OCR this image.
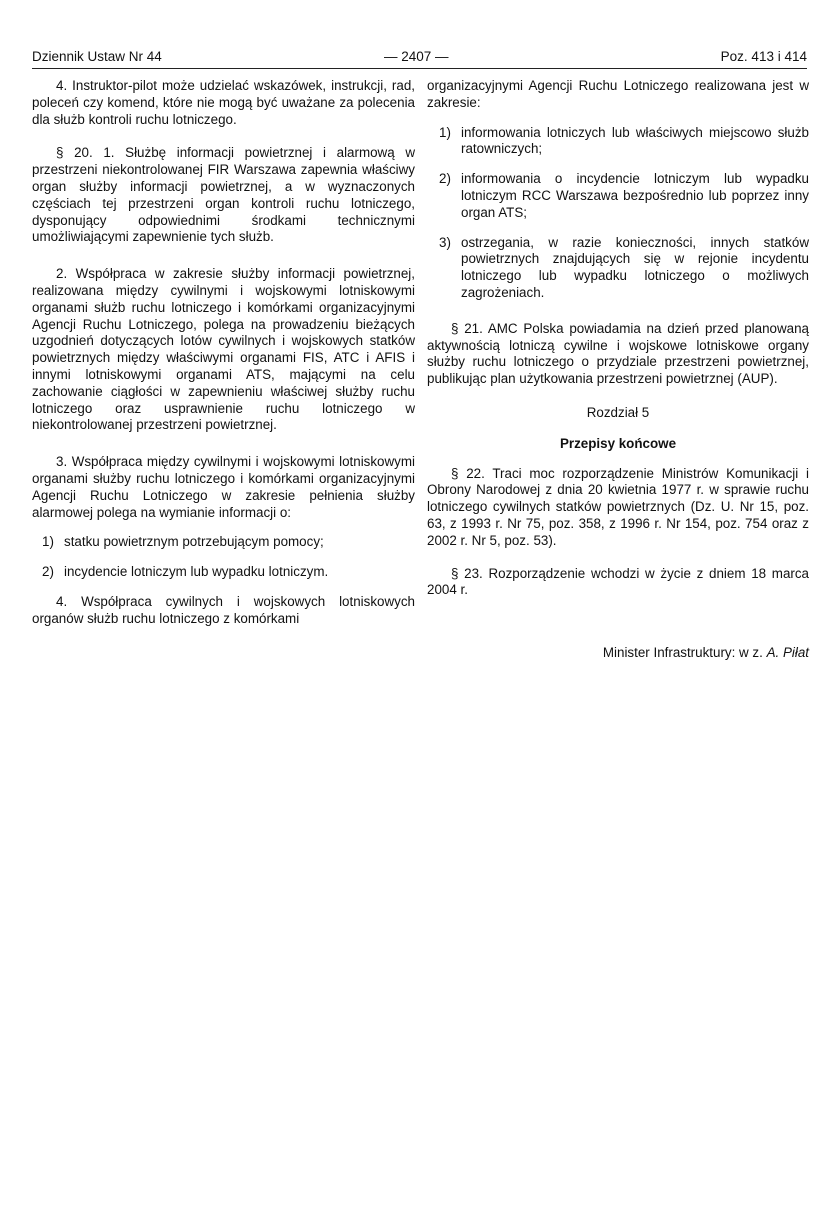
Dziennik Ustaw Nr 44	— 2407 —	Poz. 413 i 414

4. Instruktor-pilot może udzielać wskazówek, instrukcji, rad, poleceń czy komend, które nie mogą być uważane za polecenia dla służb kontroli ruchu lotniczego.

§ 20. 1. Służbę informacji powietrznej i alarmową w przestrzeni niekontrolowanej FIR Warszawa zapewnia właściwy organ służby informacji powietrznej, a w wyznaczonych częściach tej przestrzeni organ kontroli ruchu lotniczego, dysponujący odpowiednimi środkami technicznymi umożliwiającymi zapewnienie tych służb.

2. Współpraca w zakresie służby informacji powietrznej, realizowana między cywilnymi i wojskowymi lotniskowymi organami służb ruchu lotniczego i komórkami organizacyjnymi Agencji Ruchu Lotniczego, polega na prowadzeniu bieżących uzgodnień dotyczących lotów cywilnych i wojskowych statków powietrznych między właściwymi organami FIS, ATC i AFIS i innymi lotniskowymi organami ATS, mającymi na celu zachowanie ciągłości w zapewnieniu właściwej służby ruchu lotniczego oraz usprawnienie ruchu lotniczego w niekontrolowanej przestrzeni powietrznej.

3. Współpraca między cywilnymi i wojskowymi lotniskowymi organami służby ruchu lotniczego i komórkami organizacyjnymi Agencji Ruchu Lotniczego w zakresie pełnienia służby alarmowej polega na wymianie informacji o:

1) statku powietrznym potrzebującym pomocy;
2) incydencie lotniczym lub wypadku lotniczym.

4. Współpraca cywilnych i wojskowych lotniskowych organów służb ruchu lotniczego z komórkami

organizacyjnymi Agencji Ruchu Lotniczego realizowana jest w zakresie:

1) informowania lotniczych lub właściwych miejscowo służb ratowniczych;
2) informowania o incydencie lotniczym lub wypadku lotniczym RCC Warszawa bezpośrednio lub poprzez inny organ ATS;
3) ostrzegania, w razie konieczności, innych statków powietrznych znajdujących się w rejonie incydentu lotniczego lub wypadku lotniczego o możliwych zagrożeniach.

§ 21. AMC Polska powiadamia na dzień przed planowaną aktywnością lotniczą cywilne i wojskowe lotniskowe organy służby ruchu lotniczego o przydziale przestrzeni powietrznej, publikując plan użytkowania przestrzeni powietrznej (AUP).

Rozdział 5

Przepisy końcowe

§ 22. Traci moc rozporządzenie Ministrów Komunikacji i Obrony Narodowej z dnia 20 kwietnia 1977 r. w sprawie ruchu lotniczego cywilnych statków powietrznych (Dz. U. Nr 15, poz. 63, z 1993 r. Nr 75, poz. 358, z 1996 r. Nr 154, poz. 754 oraz z 2002 r. Nr 5, poz. 53).

§ 23. Rozporządzenie wchodzi w życie z dniem 18 marca 2004 r.

Minister Infrastruktury: w z. A. Piłat
